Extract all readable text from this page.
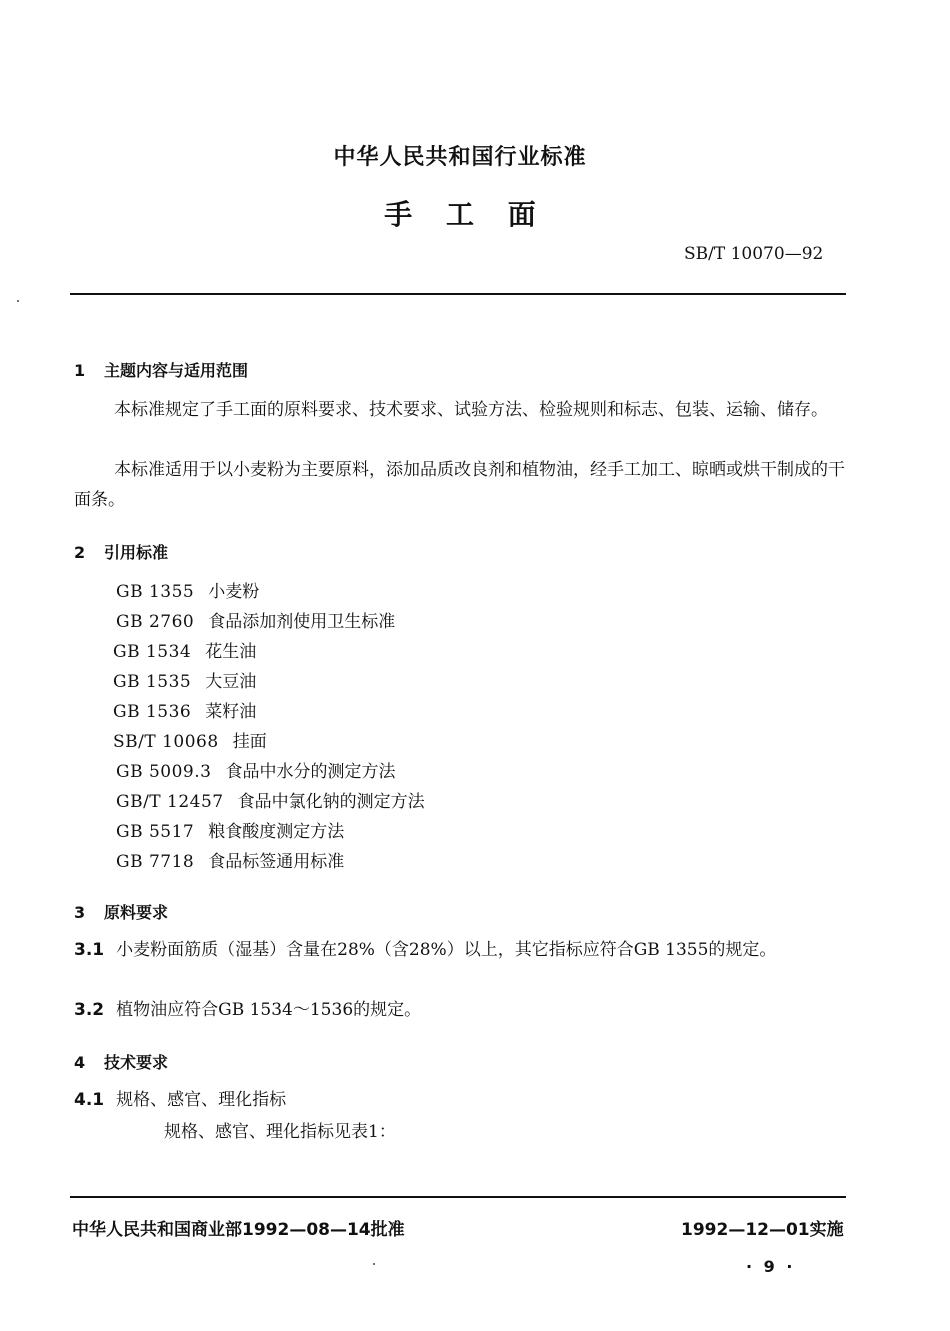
中华人民共和国行业标准
手 工 面
SB/T 10070—92
1 主题内容与适用范围
本标准规定了手工面的原料要求、技术要求、试验方法、检验规则和标志、包装、运输、储存。
本标准适用于以小麦粉为主要原料，添加品质改良剂和植物油，经手工加工、晾晒或烘干制成的干面条。
2 引用标准
GB 1355 小麦粉
GB 2760 食品添加剂使用卫生标准
GB 1534 花生油
GB 1535 大豆油
GB 1536 菜籽油
SB/T 10068 挂面
GB 5009.3 食品中水分的测定方法
GB/T 12457 食品中氯化钠的测定方法
GB 5517 粮食酸度测定方法
GB 7718 食品标签通用标准
3 原料要求
3.1 小麦粉面筋质（湿基）含量在28%（含28%）以上，其它指标应符合GB 1355的规定。
3.2 植物油应符合GB 1534～1536的规定。
4 技术要求
4.1 规格、感官、理化指标
规格、感官、理化指标见表1：
中华人民共和国商业部1992—08—14批准	1992—12—01实施
· 9 ·
